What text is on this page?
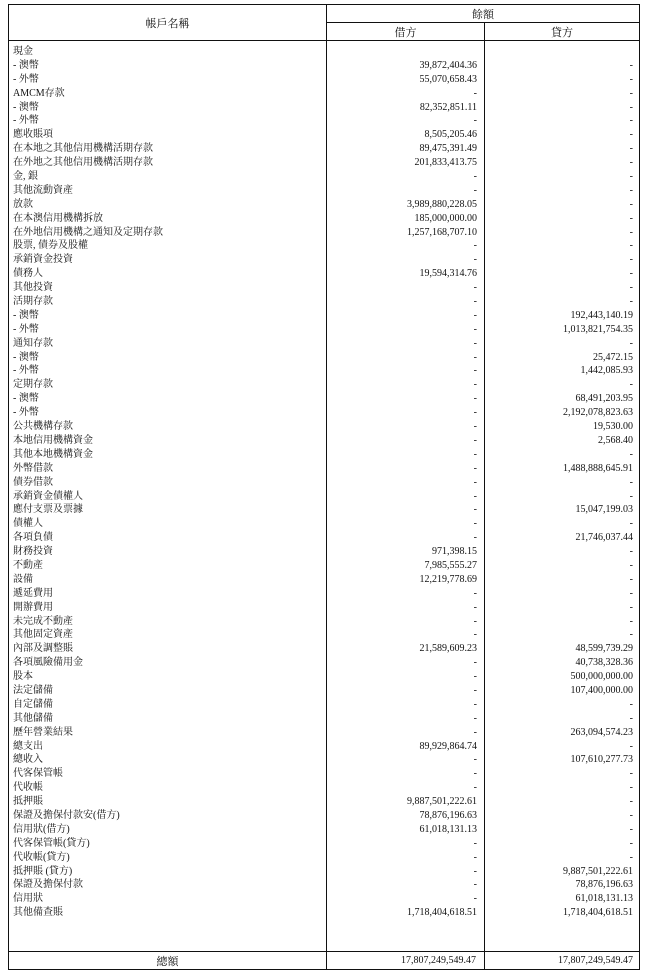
帳戶名稱
餘額
借方	貸方
現金
- 澳幣	39,872,404.36	-
- 外幣	55,070,658.43	-
AMCM存款	-	-
- 澳幣	82,352,851.11	-
- 外幣	-	-
應收賬項	8,505,205.46	-
在本地之其他信用機構活期存款	89,475,391.49	-
在外地之其他信用機構活期存款	201,833,413.75	-
金, 銀	-	-
其他流動資產	-	-
放款	3,989,880,228.05	-
在本澳信用機構拆放	185,000,000.00	-
在外地信用機構之通知及定期存款	1,257,168,707.10	-
股票, 債券及股權	-	-
承銷資金投資	-	-
債務人	19,594,314.76	-
其他投資	-	-
活期存款	-	-
- 澳幣	-	192,443,140.19
- 外幣	-	1,013,821,754.35
通知存款	-	-
- 澳幣	-	25,472.15
- 外幣	-	1,442,085.93
定期存款	-	-
- 澳幣	-	68,491,203.95
- 外幣	-	2,192,078,823.63
公共機構存款	-	19,530.00
本地信用機構資金	-	2,568.40
其他本地機構資金	-	-
外幣借款	-	1,488,888,645.91
債券借款	-	-
承銷資金債權人	-	-
應付支票及票據	-	15,047,199.03
債權人	-	-
各項負債	-	21,746,037.44
財務投資	971,398.15	-
不動產	7,985,555.27	-
設備	12,219,778.69	-
遞延費用	-	-
開辦費用	-	-
未完成不動產	-	-
其他固定資產	-	-
內部及調整賬	21,589,609.23	48,599,739.29
各項風險備用金	-	40,738,328.36
股本	-	500,000,000.00
法定儲備	-	107,400,000.00
自定儲備	-	-
其他儲備	-	-
歷年營業結果	-	263,094,574.23
總支出	89,929,864.74	-
總收入	-	107,610,277.73
代客保管帳	-	-
代收帳	-	-
抵押賬	9,887,501,222.61	-
保證及擔保付款安(借方)	78,876,196.63	-
信用狀(借方)	61,018,131.13	-
代客保管帳(貸方)	-	-
代收帳(貸方)	-	-
抵押賬 (貸方)	-	9,887,501,222.61
保證及擔保付款	-	78,876,196.63
信用狀	-	61,018,131.13
其他備查賬	1,718,404,618.51	1,718,404,618.51
總額	17,807,249,549.47	17,807,249,549.47
